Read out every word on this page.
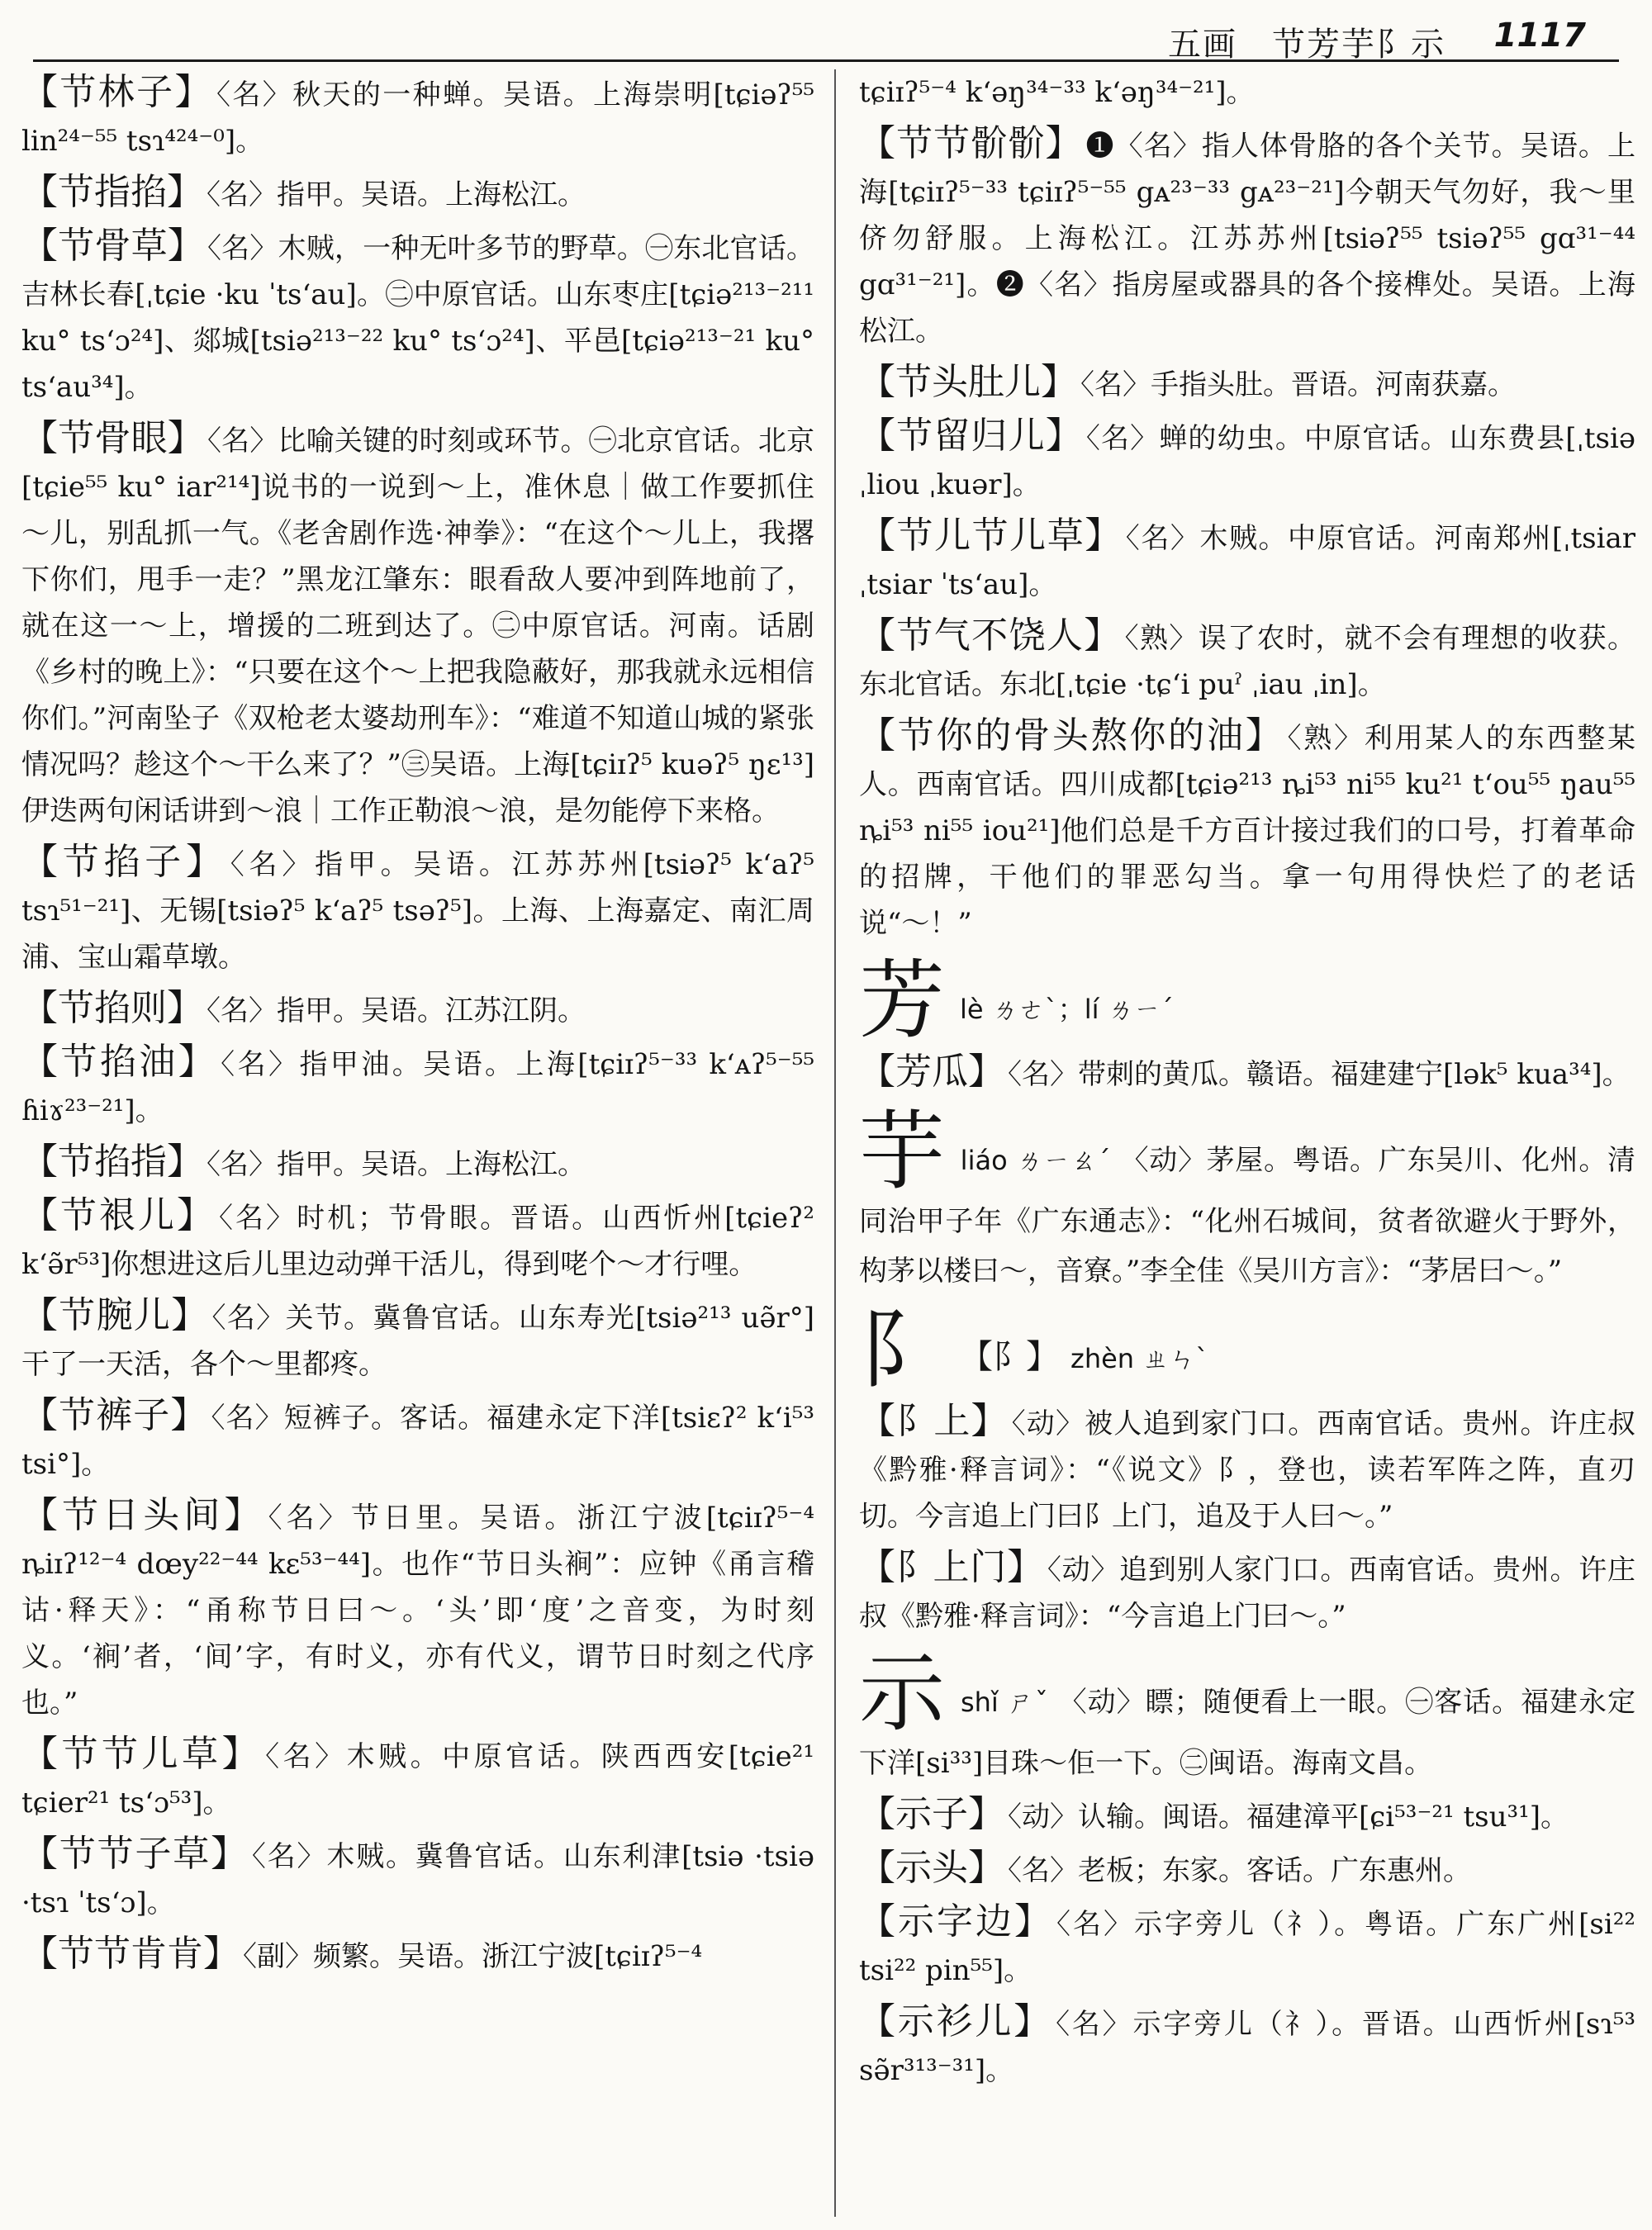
五画　节芳芋阝示 1117

【节林子】 〈名〉秋天的一种蝉。吴语。上海崇明[tɕiəʔ⁵⁵ lin²⁴⁻⁵⁵ tsɿ⁴²⁴⁻⁰]。

【节指掐】 〈名〉指甲。吴语。上海松江。

【节骨草】 〈名〉木贼，一种无叶多节的野草。㊀东北官话。吉林长春[ˌtɕie ·ku ˈtsʻau]。㊁中原官话。山东枣庄[tɕiə²¹³⁻²¹¹ ku° tsʻɔ²⁴]、郯城[tsiə²¹³⁻²² ku° tsʻɔ²⁴]、平邑[tɕiə²¹³⁻²¹ ku° tsʻau³⁴]。

【节骨眼】 〈名〉比喻关键的时刻或环节。㊀北京官话。北京[tɕie⁵⁵ ku° iar²¹⁴]说书的一说到～上，准休息｜做工作要抓住～儿，别乱抓一气。《老舍剧作选·神拳》：“在这个～儿上，我撂下你们，甩手一走？”黑龙江肇东：眼看敌人要冲到阵地前了，就在这一～上，增援的二班到达了。㊁中原官话。河南。话剧《乡村的晚上》：“只要在这个～上把我隐蔽好，那我就永远相信你们。”河南坠子《双枪老太婆劫刑车》：“难道不知道山城的紧张情况吗？趁这个～干么来了？”㊂吴语。上海[tɕiɪʔ⁵ kuəʔ⁵ ŋɛ¹³]伊迭两句闲话讲到～浪｜工作正勒浪～浪，是勿能停下来格。

【节掐子】 〈名〉指甲。吴语。江苏苏州[tsiəʔ⁵ kʻaʔ⁵ tsɿ⁵¹⁻²¹]、无锡[tsiəʔ⁵ kʻaʔ⁵ tsəʔ⁵]。上海、上海嘉定、南汇周浦、宝山霜草墩。

【节掐则】 〈名〉指甲。吴语。江苏江阴。

【节掐油】 〈名〉指甲油。吴语。上海[tɕiɪʔ⁵⁻³³ kʻᴀʔ⁵⁻⁵⁵ ɦiɤ²³⁻²¹]。

【节掐指】 〈名〉指甲。吴语。上海松江。

【节裉儿】 〈名〉时机；节骨眼。晋语。山西忻州[tɕieʔ² kʻə̃r⁵³]你想进这后儿里边动弹干活儿，得到咾个～才行哩。

【节腕儿】 〈名〉关节。冀鲁官话。山东寿光[tsiə²¹³ uə̃r°]干了一天活，各个～里都疼。

【节裤子】 〈名〉短裤子。客话。福建永定下洋[tsiɛʔ² kʻi⁵³ tsi°]。

【节日头间】 〈名〉节日里。吴语。浙江宁波[tɕiɪʔ⁵⁻⁴ ȵiɪʔ¹²⁻⁴ dœy²²⁻⁴⁴ kɛ⁵³⁻⁴⁴]。也作“节日头裥”：应钟《甬言稽诂·释天》：“甬称节日曰～。‘头’即‘度’之音变，为时刻义。‘裥’者，‘间’字，有时义，亦有代义，谓节日时刻之代序也。”

【节节儿草】 〈名〉木贼。中原官话。陕西西安[tɕie²¹ tɕier²¹ tsʻɔ⁵³]。

【节节子草】 〈名〉木贼。冀鲁官话。山东利津[tsiə ·tsiə ·tsɿ ˈtsʻɔ]。

【节节肯肯】 〈副〉频繁。吴语。浙江宁波[tɕiɪʔ⁵⁻⁴

tɕiɪʔ⁵⁻⁴ kʻəŋ³⁴⁻³³ kʻəŋ³⁴⁻²¹]。

【节节骱骱】 ❶〈名〉指人体骨胳的各个关节。吴语。上海[tɕiɪʔ⁵⁻³³ tɕiɪʔ⁵⁻⁵⁵ gᴀ²³⁻³³ gᴀ²³⁻²¹]今朝天气勿好，我～里侪勿舒服。上海松江。江苏苏州[tsiəʔ⁵⁵ tsiəʔ⁵⁵ gɑ³¹⁻⁴⁴ gɑ³¹⁻²¹]。❷〈名〉指房屋或器具的各个接榫处。吴语。上海松江。

【节头肚儿】 〈名〉手指头肚。晋语。河南获嘉。

【节留归儿】 〈名〉蝉的幼虫。中原官话。山东费县[ˌtsiə ˌliou ˌkuər]。

【节儿节儿草】 〈名〉木贼。中原官话。河南郑州[ˌtsiar ˌtsiar ˈtsʻau]。

【节气不饶人】 〈熟〉误了农时，就不会有理想的收获。东北官话。东北[ˌtɕie ·tɕʻi puˀ ˌiau ˌin]。

【节你的骨头熬你的油】 〈熟〉利用某人的东西整某人。西南官话。四川成都[tɕiə²¹³ ȵi⁵³ ni⁵⁵ ku²¹ tʻou⁵⁵ ŋau⁵⁵ ȵi⁵³ ni⁵⁵ iou²¹]他们总是千方百计接过我们的口号，打着革命的招牌，干他们的罪恶勾当。拿一句用得快烂了的老话说“～！”

芳lè ㄌㄜˋ；lí ㄌㄧˊ

【芳瓜】 〈名〉带刺的黄瓜。赣语。福建建宁[lək⁵ kua³⁴]。

芋liáo ㄌㄧㄠˊ 〈动〉茅屋。粤语。广东吴川、化州。清同治甲子年《广东通志》：“化州石城间，贫者欲避火于野外，构茅以楼曰～，音寮。”李全佳《吴川方言》：“茅居曰～。”
阝 【阝】 zhèn ㄓㄣˋ

【阝上】 〈动〉被人追到家门口。西南官话。贵州。许庄叔《黔雅·释言词》：“《说文》阝，登也，读若军阵之阵，直刃切。今言追上门曰阝上门，追及于人曰～。”

【阝上门】 〈动〉追到别人家门口。西南官话。贵州。许庄叔《黔雅·释言词》：“今言追上门曰～。”

示shǐ ㄕˇ 〈动〉瞟；随便看上一眼。㊀客话。福建永定下洋[si³³]目珠～佢一下。㊁闽语。海南文昌。

【示子】 〈动〉认输。闽语。福建漳平[ɕi⁵³⁻²¹ tsu³¹]。

【示头】 〈名〉老板；东家。客话。广东惠州。

【示字边】 〈名〉示字旁儿（礻）。粤语。广东广州[si²² tsi²² pin⁵⁵]。

【示衫儿】 〈名〉示字旁儿（礻）。晋语。山西忻州[sɿ⁵³ sə̃r³¹³⁻³¹]。
